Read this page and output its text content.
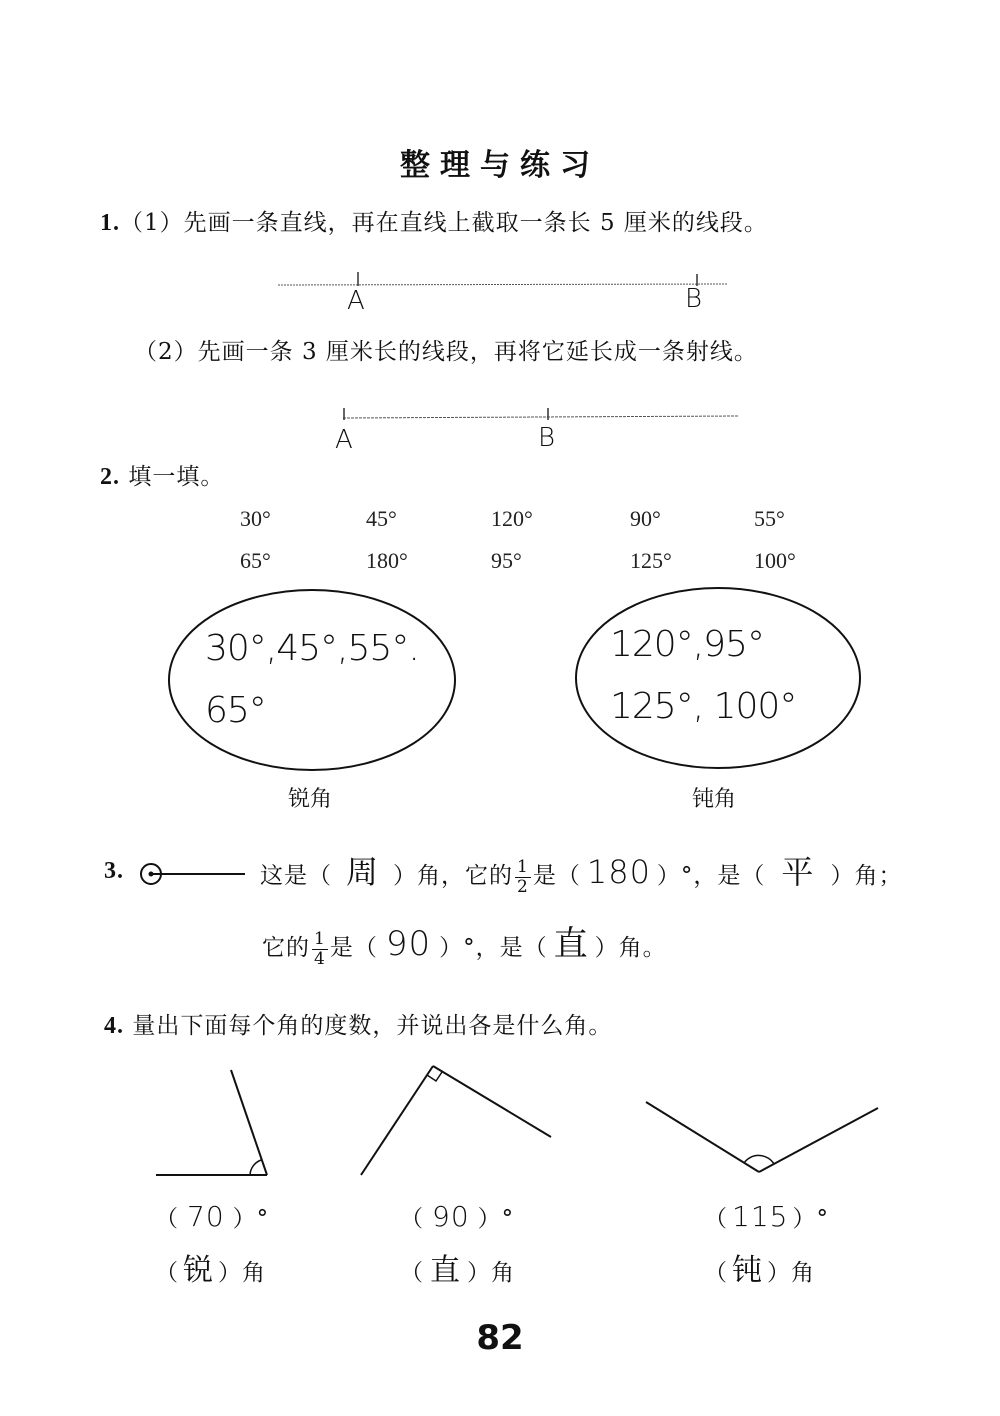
整理与练习
1.（1）先画一条直线，再在直线上截取一条长 5 厘米的线段。
A	B
（2）先画一条 3 厘米长的线段，再将它延长成一条射线。
A	B
2. 填一填。
30°	45°	120°	90°	55°
65°	180°	95°	125°	100°
30°,45°,55°.
65°
120°,95°
125°, 100°
锐角	钝角
3.	这是（ 周 ）角，它的 $\frac{1}{2}$ 是（ 180 ）°，是（ 平 ）角；
它的 $\frac{1}{4}$ 是（ 90 ）°，是（ 直 ）角。
4. 量出下面每个角的度数，并说出各是什么角。
（ 70 ）°
（ 锐 ）角
（ 90 ）°
（ 直 ）角
（ 115 ）°
（ 钝 ）角
82
